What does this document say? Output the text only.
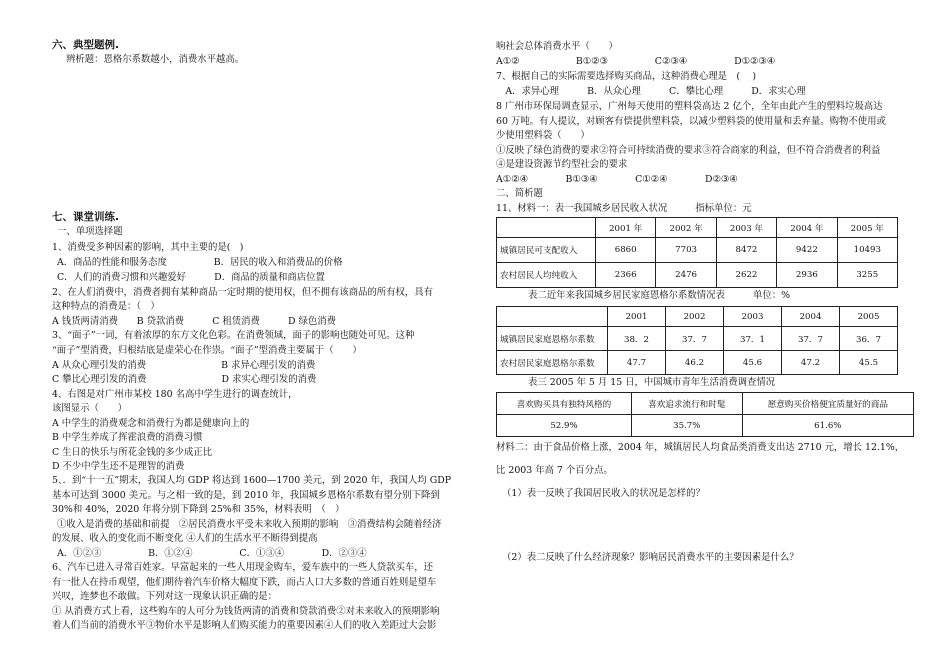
六、典型题例.
辨析题：恩格尔系数越小，消费水平越高。
七、课堂训练.
一、单项选择题
1、消费受多种因素的影响，其中主要的是(　)
A．商品的性能和服务态度　　　　　B．居民的收入和消费品的价格
C．人们的消费习惯和兴趣爱好　　　D．商品的质量和商店位置
2、在人们消费中，消费者拥有某种商品一定时期的使用权，但不拥有该商品的所有权，具有
这种特点的消费是：（　）
A 钱货两清消费　　B 贷款消费　　　C 租赁消费　　　D 绿色消费
3、“面子”一词，有着浓厚的东方文化色彩。在消费领域，面子的影响也随处可见。这种
“面子”型消费，归根结底是虚荣心在作祟。“面子”型消费主要属于（　　）
A 从众心理引发的消费　　　　　　　　B 求异心理引发的消费
C 攀比心理引发的消费　　　　　　　　D 求实心理引发的消费
4、右图是对广州市某校 180 名高中学生进行的调查统计，
该图显示（　　）
A 中学生的消费观念和消费行为都是健康向上的
B 中学生养成了挥霍浪费的消费习惯
C 生日的快乐与所花金钱的多少成正比
D 不少中学生还不是理智的消费
5、．到“十一五”期末，我国人均 GDP 将达到 1600—1700 美元，到 2020 年，我国人均 GDP
基本可达到 3000 美元。与之相一致的是，到 2010 年，我国城乡恩格尔系数有望分别下降到
30%和 40%，2020 年将分别下降到 25%和 35%，材料表明　（　）
①收入是消费的基础和前提　②居民消费水平受未来收入预期的影响　③消费结构会随着经济
的发展、收入的变化而不断变化 ④人们的生活水平不断得到提高
A．①②③　　　　　B．①②④　　　　　C．①③④　　　　D．②③④
6、汽车已进入寻常百姓家。早富起来的一些人用现金购车，爱车族中的一些人贷款买车，还
有一批人在持币观望，他们期待着汽车价格大幅度下跌，而占人口大多数的普通百姓则是望车
兴叹，连梦也不敢做。下列对这一现象认识正确的是：
① 从消费方式上看，这些购车的人可分为钱货两清的消费和贷款消费②对未来收入的预期影响
着人们当前的消费水平③物价水平是影响人们购买能力的重要因素④人们的收入差距过大会影
响社会总体消费水平（　　）
A①②　　　　　　B①②③　　　　　C②③④　　　　　D①②③④
7、根据自己的实际需要选择购买商品，这种消费心理是　(　 )
　A．求异心理　　　B．从众心理　　　C．攀比心理　　　D．求实心理
8 广州市环保局调查显示，广州每天使用的塑料袋高达 2 亿个，全年由此产生的塑料垃圾高达
60 万吨。有人提议，对顾客有偿提供塑料袋，以减少塑料袋的使用量和丢弃量。购物不使用或
少使用塑料袋（　　）
①反映了绿色消费的要求②符合可持续消费的要求③符合商家的利益，但不符合消费者的利益
④是建设资源节约型社会的要求
A①②④　　　　B①③④　　　　C①②④　　　　D②③④
二、简析题
11、材料一：表一我国城乡居民收入状况　　　指标单位：元
	2001 年	2002 年	2003 年	2004 年	2005 年
城镇居民可支配收入	6860	7703	8472	9422	10493
农村居民人均纯收入	2366	2476	2622	2936	3255
表二近年来我国城乡居民家庭恩格尔系数情况表　　　单位：%
	2001	2002	2003	2004	2005
城镇居民家庭恩格尔系数	38．2	37．7	37．1	37．7	36．7
农村居民家庭恩格尔系数	47.7	46.2	45.6	47.2	45.5
表三 2005 年 5 月 15 日，中国城市青年生活消费调查情况
喜欢购买具有独特风格的	喜欢追求流行和时髦	愿意购买价格便宜质量好的商品
52.9%	35.7%	61.6%
材料二：由于食品价格上涨，2004 年，城镇居民人均食品类消费支出达 2710 元，增长 12.1%，
比 2003 年高 7 个百分点。
（1）表一反映了我国居民收入的状况是怎样的？
（2）表二反映了什么经济现象？影响居民消费水平的主要因素是什么？
